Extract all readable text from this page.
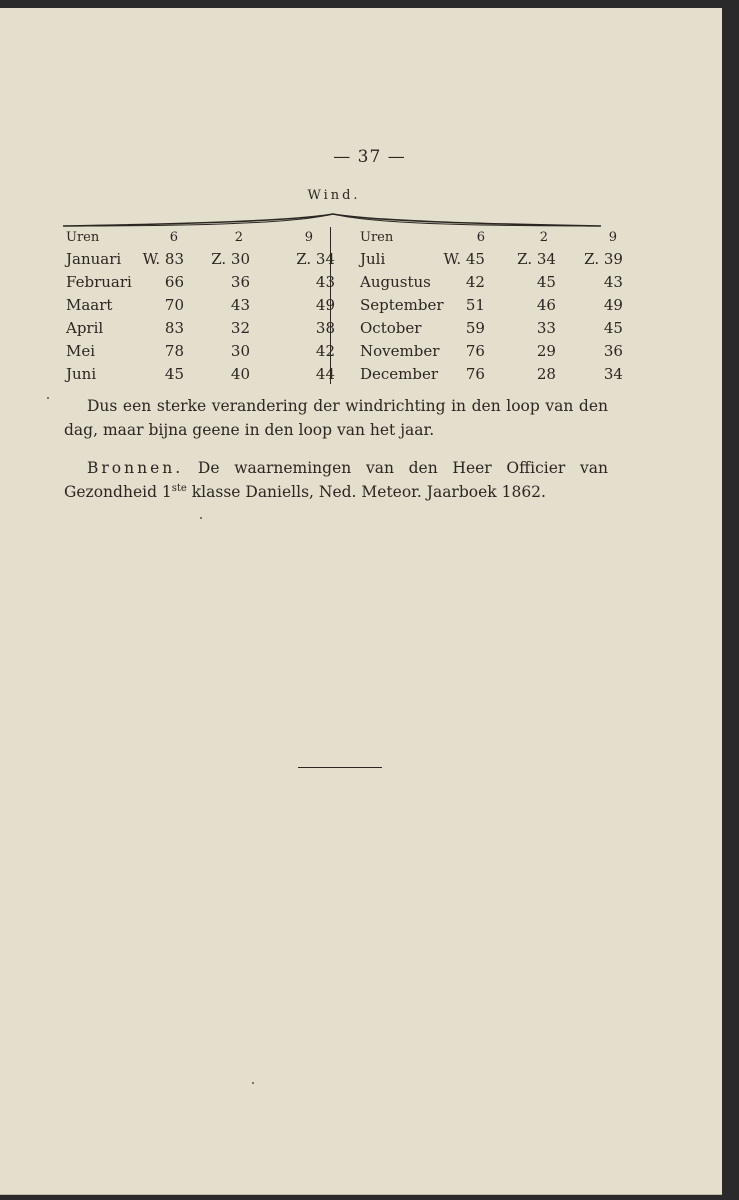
— 37 —
Wind.
Uren	6	2	9
Januari	W. 83	Z. 30	Z. 34
Februari	66	36	43
Maart	70	43	49
April	83	32	38
Mei	78	30	42
Juni	45	40	44
Uren	6	2	9
Juli	W. 45	Z. 34	Z. 39
Augustus	42	45	43
September	51	46	49
October	59	33	45
November	76	29	36
December	76	28	34
Dus een sterke verandering der windrichting in den loop van den dag, maar bijna geene in den loop van het jaar.
Bronnen. De waarnemingen van den Heer Officier van Gezondheid 1ste klasse Daniells, Ned. Meteor. Jaarboek 1862.
